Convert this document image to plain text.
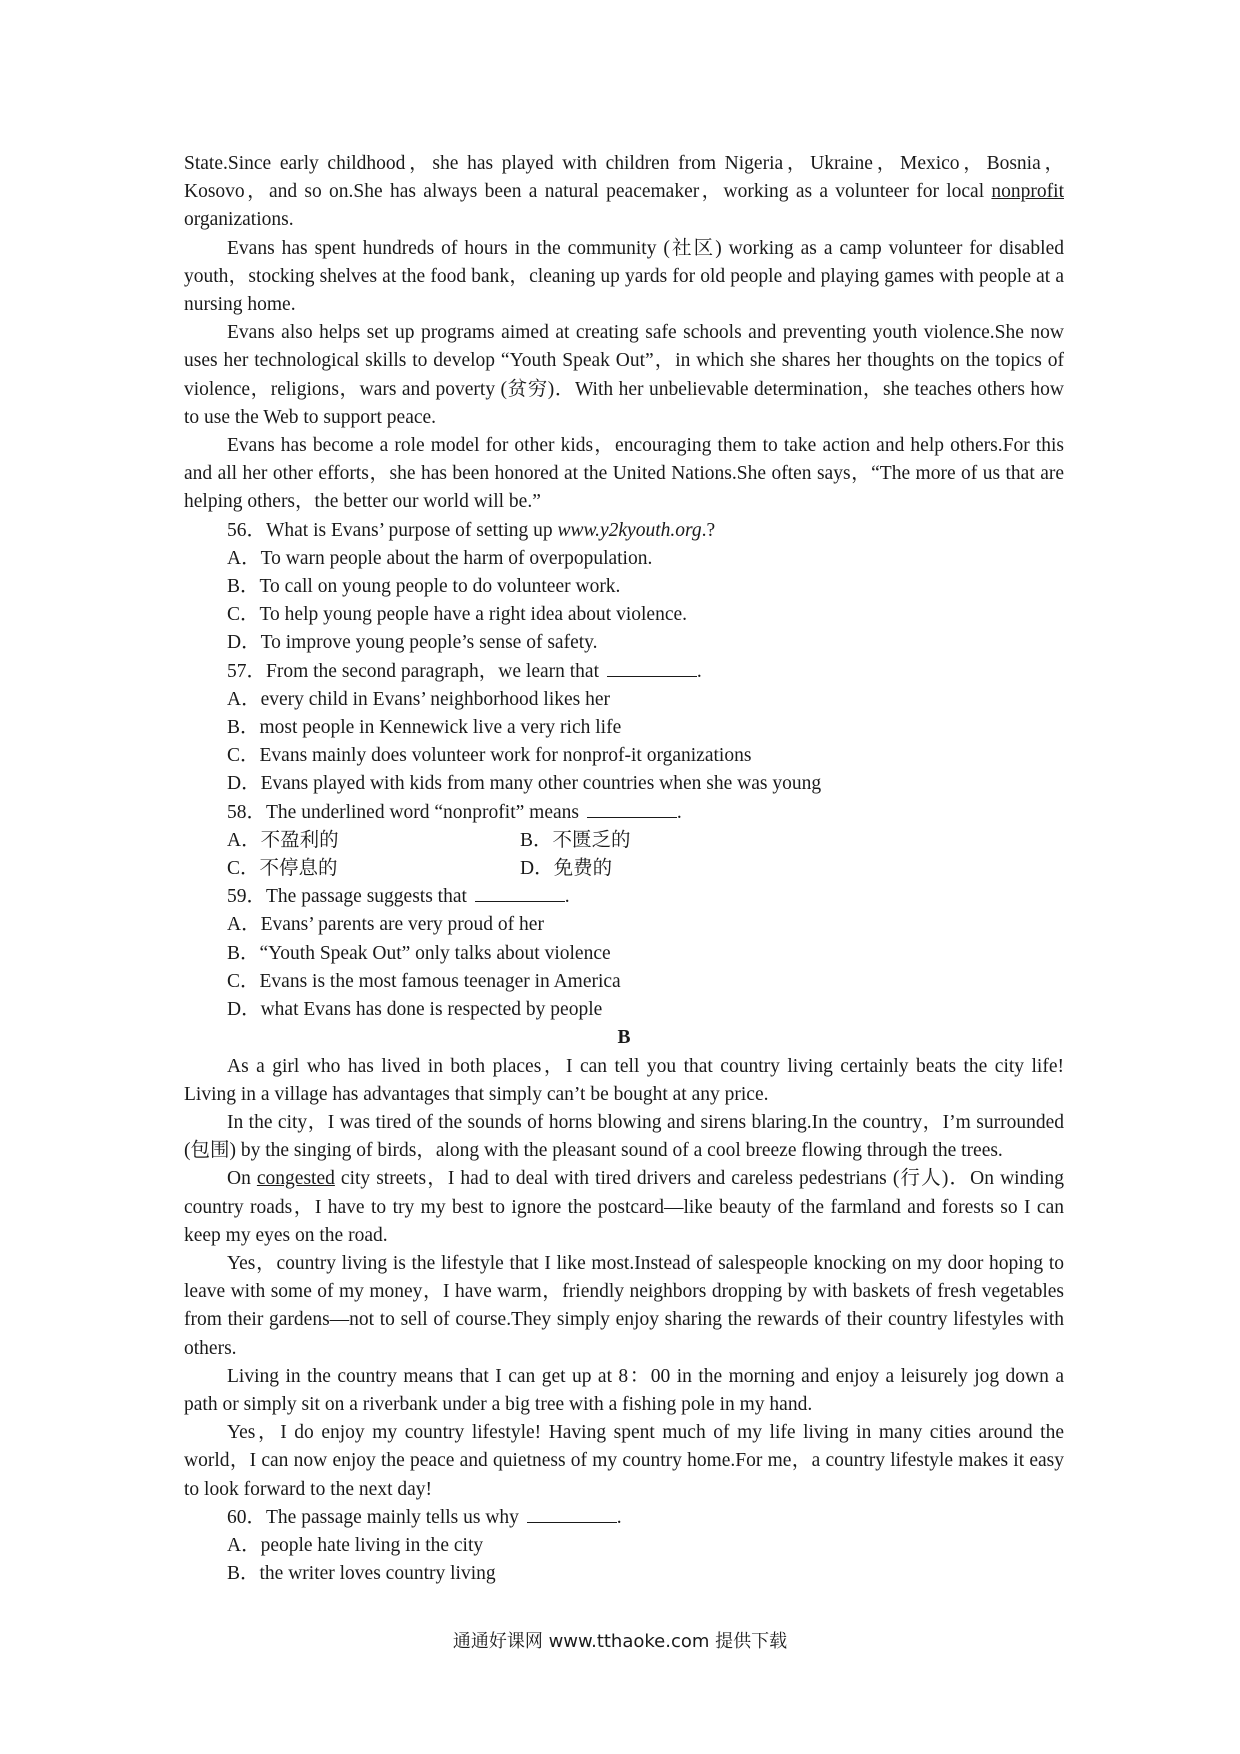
State.Since early childhood，she has played with children from Nigeria，Ukraine，Mexico，Bosnia，Kosovo，and so on.She has always been a natural peacemaker，working as a volunteer for local nonprofit organizations.

Evans has spent hundreds of hours in the community (社区) working as a camp volunteer for disabled youth，stocking shelves at the food bank，cleaning up yards for old people and playing games with people at a nursing home.

Evans also helps set up programs aimed at creating safe schools and preventing youth violence.She now uses her technological skills to develop “Youth Speak Out”，in which she shares her thoughts on the topics of violence，religions，wars and poverty (贫穷)．With her unbelievable determination，she teaches others how to use the Web to support peace.

Evans has become a role model for other kids，encouraging them to take action and help others.For this and all her other efforts，she has been honored at the United Nations.She often says，“The more of us that are helping others，the better our world will be.”

56．What is Evans’ purpose of setting up www.y2kyouth.org.?

A．To warn people about the harm of overpopulation.

B．To call on young people to do volunteer work.

C．To help young people have a right idea about violence.

D．To improve young people’s sense of safety.

57．From the second paragraph，we learn that	.

A．every child in Evans’ neighborhood likes her

B．most people in Kennewick live a very rich life

C．Evans mainly does volunteer work for nonprof-it organizations

D．Evans played with kids from many other countries when she was young

58．The underlined word “nonprofit” means	.

A．不盈利的	B．不匮乏的
C．不停息的	D．免费的

59．The passage suggests that	.

A．Evans’ parents are very proud of her

B．“Youth Speak Out” only talks about violence

C．Evans is the most famous teenager in America

D．what Evans has done is respected by people

B

As a girl who has lived in both places，I can tell you that country living certainly beats the city life! Living in a village has advantages that simply can’t be bought at any price.

In the city，I was tired of the sounds of horns blowing and sirens blaring.In the country，I’m surrounded (包围) by the singing of birds，along with the pleasant sound of a cool breeze flowing through the trees.

On congested city streets，I had to deal with tired drivers and careless pedestrians (行人)．On winding country roads，I have to try my best to ignore the postcard—like beauty of the farmland and forests so I can keep my eyes on the road.

Yes，country living is the lifestyle that I like most.Instead of salespeople knocking on my door hoping to leave with some of my money，I have warm，friendly neighbors dropping by with baskets of fresh vegetables from their gardens—not to sell of course.They simply enjoy sharing the rewards of their country lifestyles with others.

Living in the country means that I can get up at 8：00 in the morning and enjoy a leisurely jog down a path or simply sit on a riverbank under a big tree with a fishing pole in my hand.

Yes，I do enjoy my country lifestyle! Having spent much of my life living in many cities around the world，I can now enjoy the peace and quietness of my country home.For me，a country lifestyle makes it easy to look forward to the next day!

60．The passage mainly tells us why	.

A．people hate living in the city

B．the writer loves country living

通通好课网 www.tthaoke.com 提供下载
